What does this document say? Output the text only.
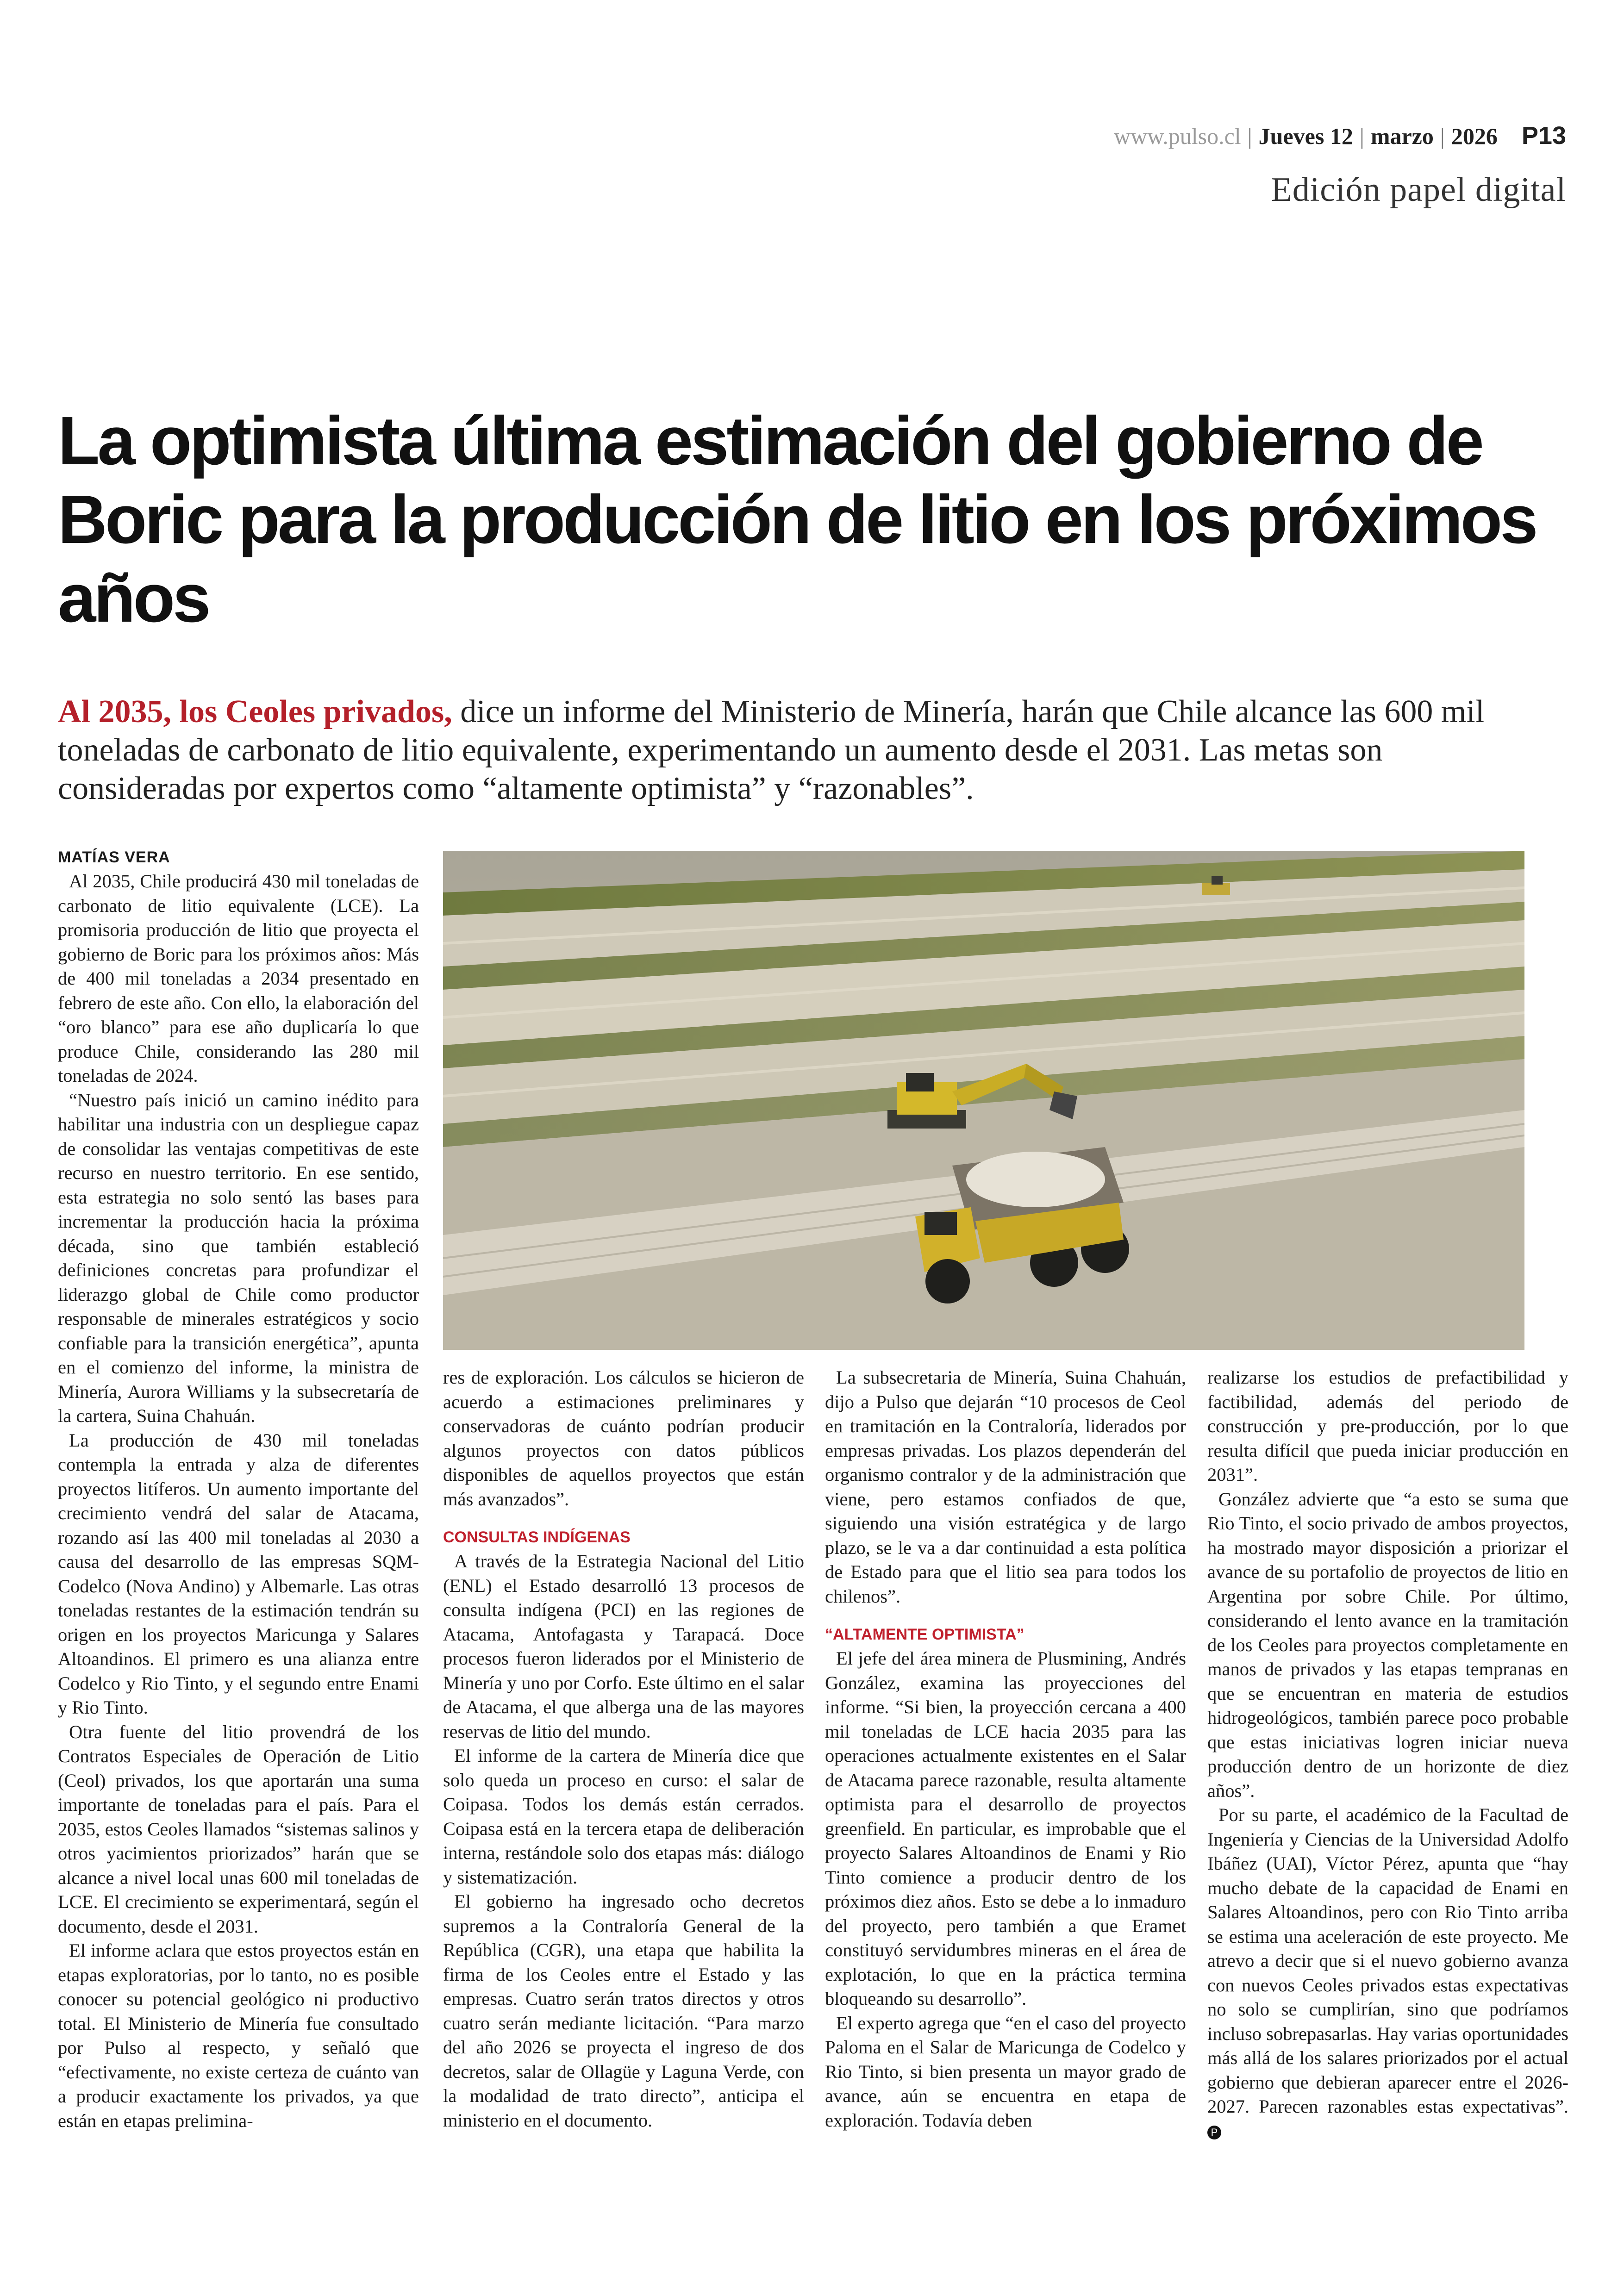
www.pulso.cl | Jueves 12 | marzo | 2026 P13
Edición papel digital
La optimista última estimación del gobierno de Boric para la producción de litio en los próximos años
Al 2035, los Ceoles privados, dice un informe del Ministerio de Minería, harán que Chile alcance las 600 mil toneladas de carbonato de litio equivalente, experimentando un aumento desde el 2031. Las metas son consideradas por expertos como “altamente optimista” y “razonables”.

MATÍAS VERA

Al 2035, Chile producirá 430 mil toneladas de carbonato de litio equivalente (LCE). La promisoria producción de litio que proyecta el gobierno de Boric para los próximos años: Más de 400 mil toneladas a 2034 presentado en febrero de este año. Con ello, la elaboración del “oro blanco” para ese año duplicaría lo que produce Chile, considerando las 280 mil toneladas de 2024.

“Nuestro país inició un camino inédito para habilitar una industria con un despliegue capaz de consolidar las ventajas competitivas de este recurso en nuestro territorio. En ese sentido, esta estrategia no solo sentó las bases para incrementar la producción hacia la próxima década, sino que también estableció definiciones concretas para profundizar el liderazgo global de Chile como productor responsable de minerales estratégicos y socio confiable para la transición energética”, apunta en el comienzo del informe, la ministra de Minería, Aurora Williams y la subsecretaría de la cartera, Suina Chahuán.

La producción de 430 mil toneladas contempla la entrada y alza de diferentes proyectos litíferos. Un aumento importante del crecimiento vendrá del salar de Atacama, rozando así las 400 mil toneladas al 2030 a causa del desarrollo de las empresas SQM-Codelco (Nova Andino) y Albemarle. Las otras toneladas restantes de la estimación tendrán su origen en los proyectos Maricunga y Salares Altoandinos. El primero es una alianza entre Codelco y Rio Tinto, y el segundo entre Enami y Rio Tinto.

Otra fuente del litio provendrá de los Contratos Especiales de Operación de Litio (Ceol) privados, los que aportarán una suma importante de toneladas para el país. Para el 2035, estos Ceoles llamados “sistemas salinos y otros yacimientos priorizados” harán que se alcance a nivel local unas 600 mil toneladas de LCE. El crecimiento se experimentará, según el documento, desde el 2031.

El informe aclara que estos proyectos están en etapas exploratorias, por lo tanto, no es posible conocer su potencial geológico ni productivo total. El Ministerio de Minería fue consultado por Pulso al respecto, y señaló que “efectivamente, no existe certeza de cuánto van a producir exactamente los privados, ya que están en etapas prelimina-

res de exploración. Los cálculos se hicieron de acuerdo a estimaciones preliminares y conservadoras de cuánto podrían producir algunos proyectos con datos públicos disponibles de aquellos proyectos que están más avanzados”.

CONSULTAS INDÍGENAS

A través de la Estrategia Nacional del Litio (ENL) el Estado desarrolló 13 procesos de consulta indígena (PCI) en las regiones de Atacama, Antofagasta y Tarapacá. Doce procesos fueron liderados por el Ministerio de Minería y uno por Corfo. Este último en el salar de Atacama, el que alberga una de las mayores reservas de litio del mundo.

El informe de la cartera de Minería dice que solo queda un proceso en curso: el salar de Coipasa. Todos los demás están cerrados. Coipasa está en la tercera etapa de deliberación interna, restándole solo dos etapas más: diálogo y sistematización.

El gobierno ha ingresado ocho decretos supremos a la Contraloría General de la República (CGR), una etapa que habilita la firma de los Ceoles entre el Estado y las empresas. Cuatro serán tratos directos y otros cuatro serán mediante licitación. “Para marzo del año 2026 se proyecta el ingreso de dos decretos, salar de Ollagüe y Laguna Verde, con la modalidad de trato directo”, anticipa el ministerio en el documento.

La subsecretaria de Minería, Suina Chahuán, dijo a Pulso que dejarán “10 procesos de Ceol en tramitación en la Contraloría, liderados por empresas privadas. Los plazos dependerán del organismo contralor y de la administración que viene, pero estamos confiados de que, siguiendo una visión estratégica y de largo plazo, se le va a dar continuidad a esta política de Estado para que el litio sea para todos los chilenos”.

“ALTAMENTE OPTIMISTA”

El jefe del área minera de Plusmining, Andrés González, examina las proyecciones del informe. “Si bien, la proyección cercana a 400 mil toneladas de LCE hacia 2035 para las operaciones actualmente existentes en el Salar de Atacama parece razonable, resulta altamente optimista para el desarrollo de proyectos greenfield. En particular, es improbable que el proyecto Salares Altoandinos de Enami y Rio Tinto comience a producir dentro de los próximos diez años. Esto se debe a lo inmaduro del proyecto, pero también a que Eramet constituyó servidumbres mineras en el área de explotación, lo que en la práctica termina bloqueando su desarrollo”.

El experto agrega que “en el caso del proyecto Paloma en el Salar de Maricunga de Codelco y Rio Tinto, si bien presenta un mayor grado de avance, aún se encuentra en etapa de exploración. Todavía deben

realizarse los estudios de prefactibilidad y factibilidad, además del periodo de construcción y pre-producción, por lo que resulta difícil que pueda iniciar producción en 2031”.

González advierte que “a esto se suma que Rio Tinto, el socio privado de ambos proyectos, ha mostrado mayor disposición a priorizar el avance de su portafolio de proyectos de litio en Argentina por sobre Chile. Por último, considerando el lento avance en la tramitación de los Ceoles para proyectos completamente en manos de privados y las etapas tempranas en que se encuentran en materia de estudios hidrogeológicos, también parece poco probable que estas iniciativas logren iniciar nueva producción dentro de un horizonte de diez años”.

Por su parte, el académico de la Facultad de Ingeniería y Ciencias de la Universidad Adolfo Ibáñez (UAI), Víctor Pérez, apunta que “hay mucho debate de la capacidad de Enami en Salares Altoandinos, pero con Rio Tinto arriba se estima una aceleración de este proyecto. Me atrevo a decir que si el nuevo gobierno avanza con nuevos Ceoles privados estas expectativas no solo se cumplirían, sino que podríamos incluso sobrepasarlas. Hay varias oportunidades más allá de los salares priorizados por el actual gobierno que debieran aparecer entre el 2026-2027. Parecen razonables estas expectativas”. P
